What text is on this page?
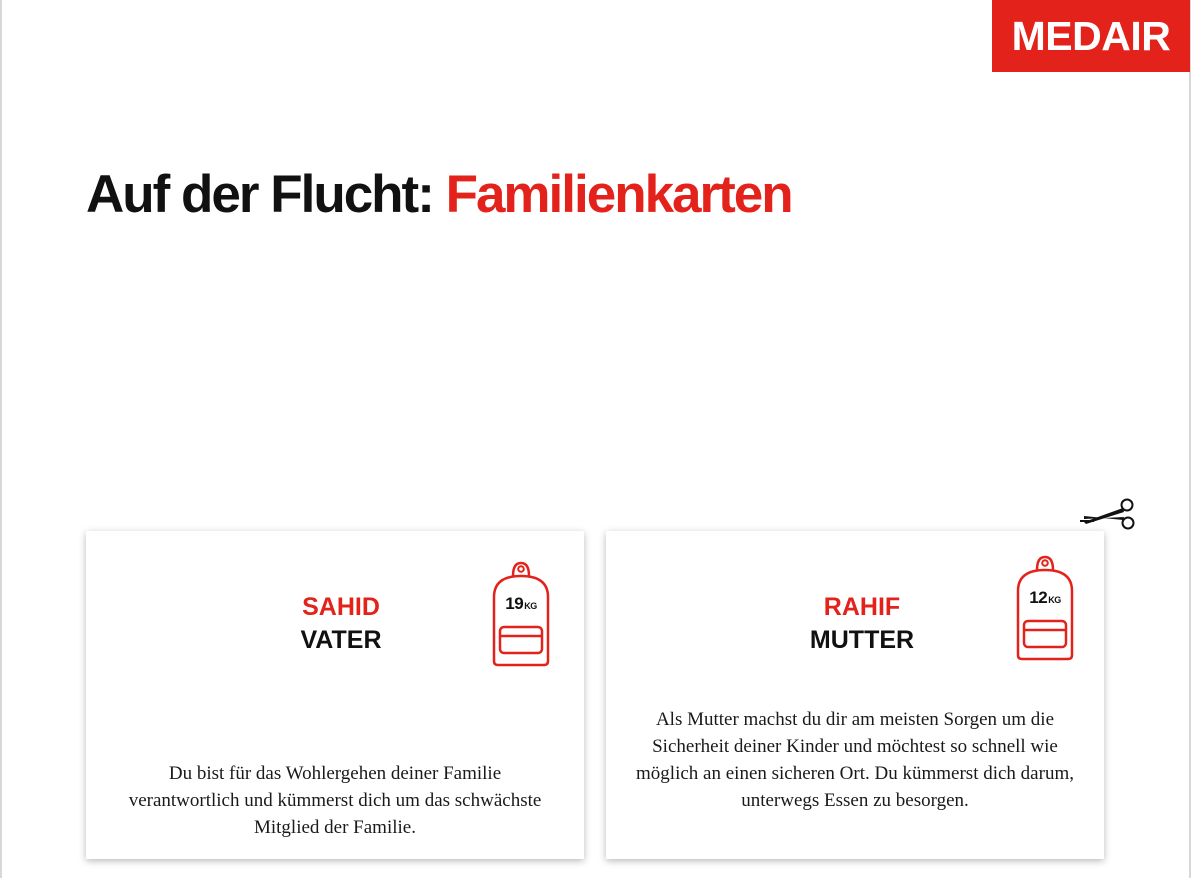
MEDAIR
Auf der Flucht: Familienkarten
SAHID
VATER
19KG

Du bist für das Wohlergehen deiner Familie verantwortlich und kümmerst dich um das schwächste Mitglied der Familie.

RAHIF
MUTTER
12KG

Als Mutter machst du dir am meisten Sorgen um die Sicherheit deiner Kinder und möchtest so schnell wie möglich an einen sicheren Ort. Du kümmerst dich darum, unterwegs Essen zu besorgen.
